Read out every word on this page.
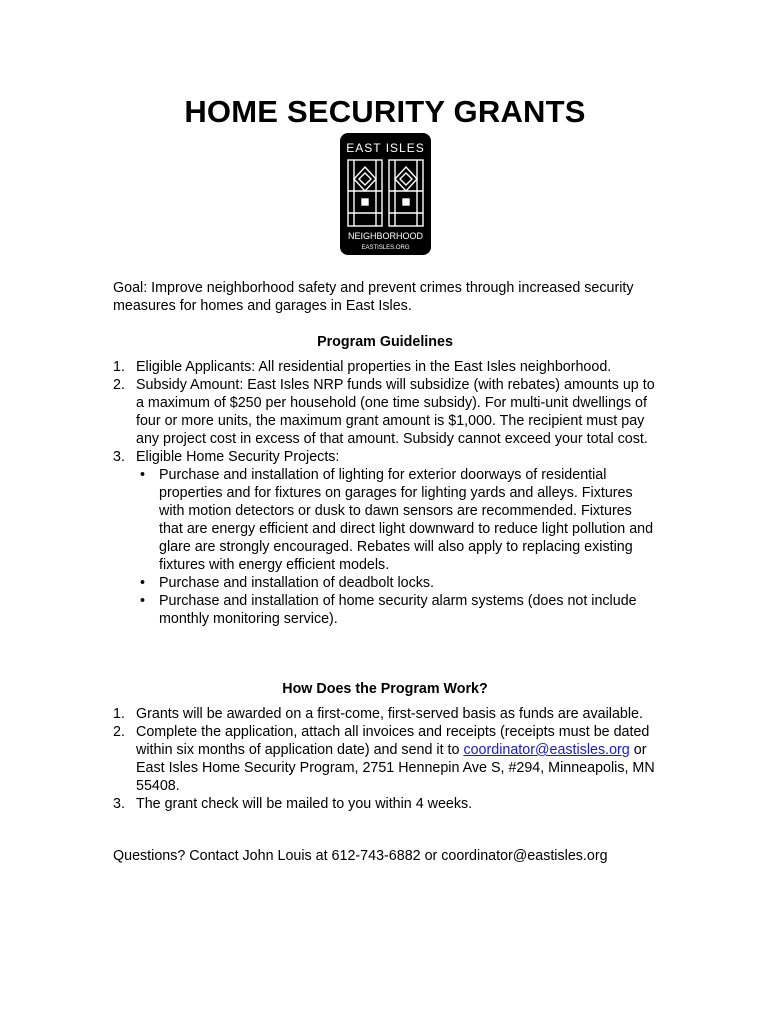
HOME SECURITY GRANTS
EAST ISLES
NEIGHBORHOOD
EASTISLES.ORG
Goal: Improve neighborhood safety and prevent crimes through increased security measures for homes and garages in East Isles.
Program Guidelines
1. Eligible Applicants: All residential properties in the East Isles neighborhood.
2. Subsidy Amount: East Isles NRP funds will subsidize (with rebates) amounts up to a maximum of $250 per household (one time subsidy). For multi-unit dwellings of four or more units, the maximum grant amount is $1,000. The recipient must pay any project cost in excess of that amount. Subsidy cannot exceed your total cost.
3. Eligible Home Security Projects:
• Purchase and installation of lighting for exterior doorways of residential properties and for fixtures on garages for lighting yards and alleys. Fixtures with motion detectors or dusk to dawn sensors are recommended. Fixtures that are energy efficient and direct light downward to reduce light pollution and glare are strongly encouraged. Rebates will also apply to replacing existing fixtures with energy efficient models.
• Purchase and installation of deadbolt locks.
• Purchase and installation of home security alarm systems (does not include monthly monitoring service).
How Does the Program Work?
1. Grants will be awarded on a first-come, first-served basis as funds are available.
2. Complete the application, attach all invoices and receipts (receipts must be dated within six months of application date) and send it to coordinator@eastisles.org or East Isles Home Security Program, 2751 Hennepin Ave S, #294, Minneapolis, MN 55408.
3. The grant check will be mailed to you within 4 weeks.
Questions? Contact John Louis at 612-743-6882 or coordinator@eastisles.org
